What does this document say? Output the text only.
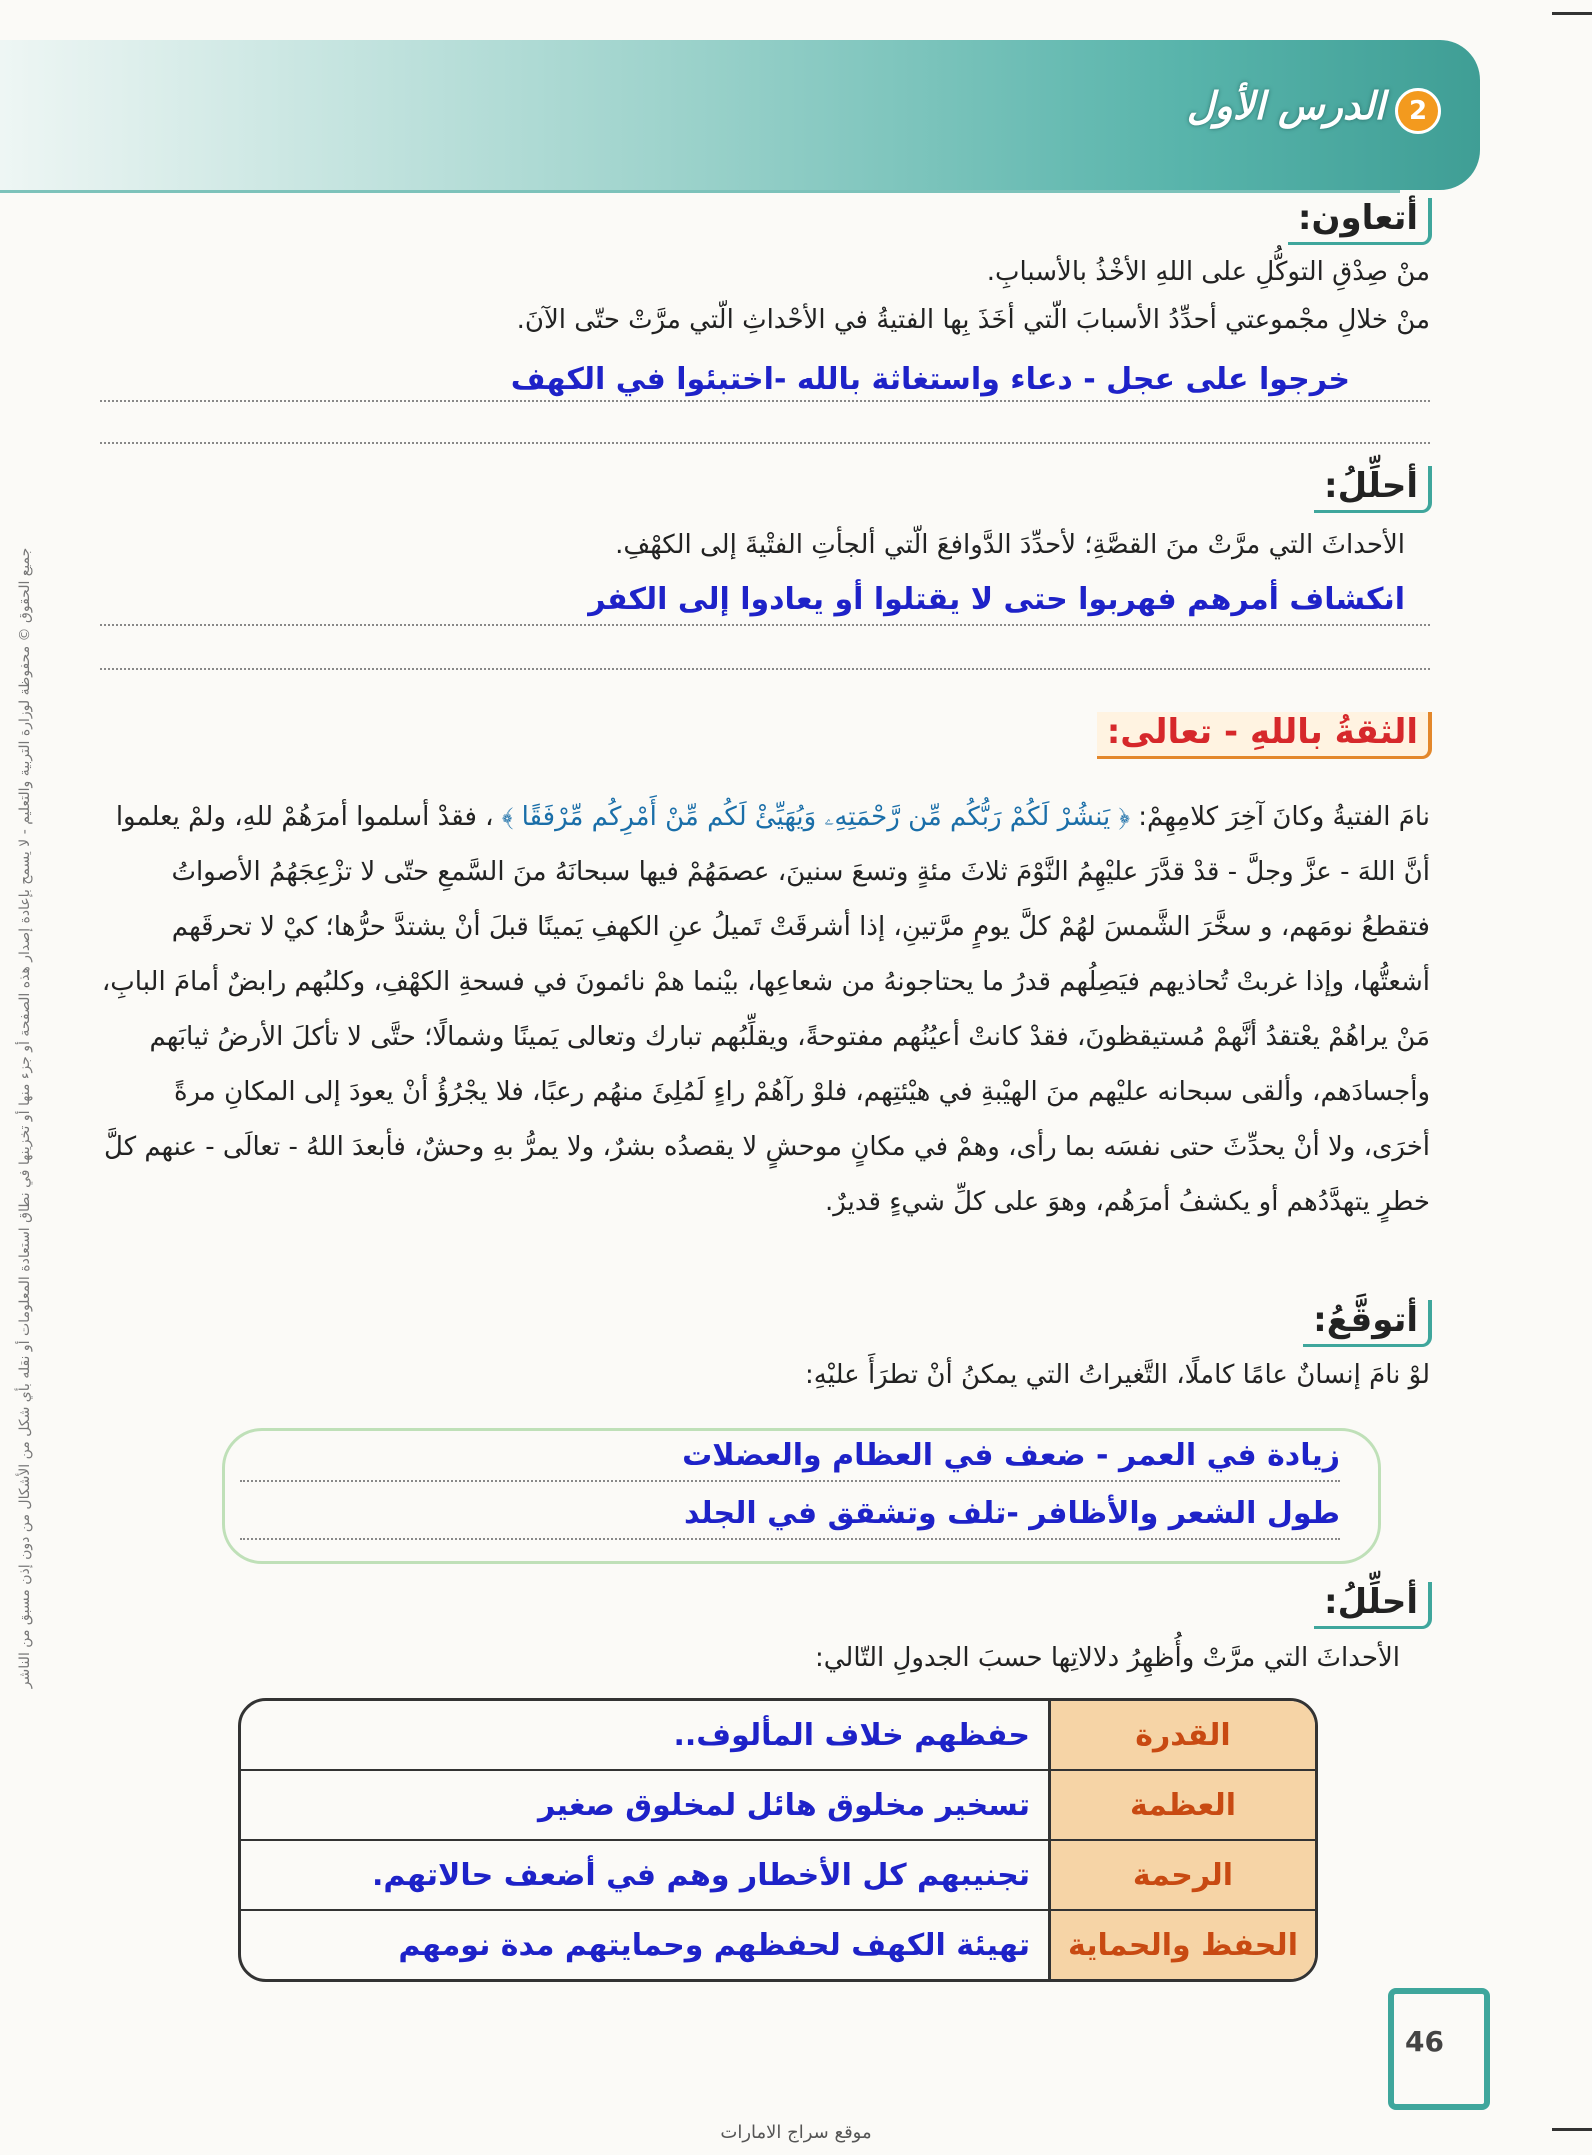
2
الدرس الأول
جميع الحقوق © محفوظة لوزارة التربية والتعليم - لا يسمح بإعادة إصدار هذه الصفحة أو جزء منها أو تخزينها في نطاق استعادة المعلومات أو نقله بأي شكل من الأشكال من دون إذن مسبق من الناشر
أتعاون:
منْ صِدْقِ التوكُّلِ على اللهِ الأخْذُ بالأسبابِ.
منْ خلالِ مجْموعتي أحدِّدُ الأسبابَ الّتي أخَذَ بِها الفتيةُ في الأحْداثِ الّتي مرَّتْ حتّى الآنَ.
خرجوا على عجل - دعاء واستغاثة بالله -اختبئوا في الكهف
أحلِّلُ:
الأحداثَ التي مرَّتْ منَ القصَّةِ؛ لأحدِّدَ الدَّوافعَ الّتي ألجأتِ الفتْيةَ إلى الكهْفِ.
انكشاف أمرهم فهربوا حتى لا يقتلوا أو يعادوا إلى الكفر
الثقةُ باللهِ - تعالى:
نامَ الفتيةُ وكانَ آخِرَ كلامِهِمْ: ﴿ يَنشُرْ لَكُمْ رَبُّكُم مِّن رَّحْمَتِهِۦ وَيُهَيِّئْ لَكُم مِّنْ أَمْرِكُم مِّرْفَقًا ﴾ ، فقدْ أسلموا أمرَهُمْ للهِ، ولمْ يعلموا أنَّ اللهَ - عزَّ وجلَّ - قدْ قدَّرَ عليْهِمُ النَّوْمَ ثلاثَ مئةٍ وتسعَ سنينَ، عصمَهُمْ فيها سبحانَهُ منَ السَّمعِ حتّى لا تزْعِجَهُمُ الأصواتُ فتقطعُ نومَهم، و سخَّرَ الشَّمسَ لهُمْ كلَّ يومٍ مرَّتينِ، إذا أشرقَتْ تَميلُ عنِ الكهفِ يَمينًا قبلَ أنْ يشتدَّ حرُّها؛ كيْ لا تحرقَهم أشعتُّها، وإذا غربتْ تُحاذيهم فيَصِلُهم قدرُ ما يحتاجونهُ من شعاعِها، بيْنما همْ نائمونَ في فسحةِ الكهْفِ، وكلبُهم رابضٌ أمامَ البابِ، مَنْ يراهُمْ يعْتقدُ أنَّهمْ مُستيقظونَ، فقدْ كانتْ أعيُنُهم مفتوحةً، ويقلِّبُهم تبارك وتعالى يَمينًا وشمالًا؛ حتَّى لا تأكلَ الأرضُ ثيابَهم وأجسادَهم، وألقى سبحانه عليْهم منَ الهيْبةِ في هيْئتِهم، فلوْ رآهُمْ راءٍ لَمُلِئَ منهُم رعبًا، فلا يجْرُؤُ أنْ يعودَ إلى المكانِ مرةً أخرَى، ولا أنْ يحدِّثَ حتى نفسَه بما رأى، وهمْ في مكانٍ موحشٍ لا يقصدُه بشرٌ، ولا يمرُّ بهِ وحشٌ، فأبعدَ اللهُ - تعالَى - عنهم كلَّ خطرٍ يتهدَّدُهم أو يكشفُ أمرَهُم، وهوَ على كلِّ شيءٍ قديرٌ.
أتوقَّعُ:
لوْ نامَ إنسانٌ عامًا كاملًا، التَّغيراتُ التي يمكنُ أنْ تطرَأَ عليْهِ:
زيادة في العمر - ضعف في العظام والعضلات
طول الشعر والأظافر -تلف وتشقق في الجلد
أحلِّلُ:
الأحداثَ التي مرَّتْ وأُظهِرُ دلالاتِها حسبَ الجدولِ التّالي:
القدرة	حفظهم خلاف المألوف..
العظمة	تسخير مخلوق هائل لمخلوق صغير
الرحمة	تجنيبهم كل الأخطار وهم في أضعف حالاتهم.
الحفظ والحماية	تهيئة الكهف لحفظهم وحمايتهم مدة نومهم
46
موقع سراج الامارات
